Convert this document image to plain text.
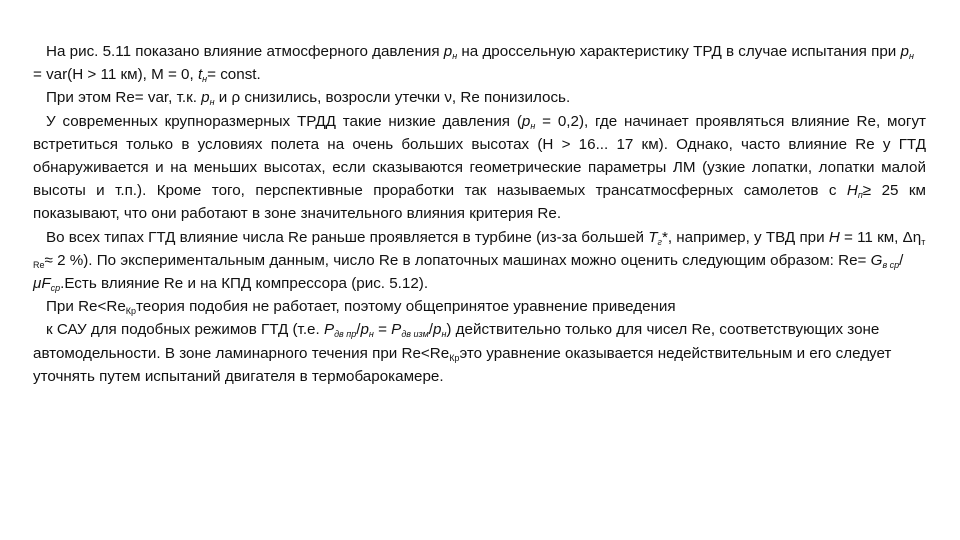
На рис. 5.11 показано влияние атмосферного давления $p_н$ на дроссельную характеристику ТРД в случае испытания при $p_н = var(H > 11$ км), M = 0, $t_н=$ const.

При этом Re= var, т.к. $p_н$ и ρ снизились, возросли утечки ν, Re понизилось.

У современных крупноразмерных ТРДД такие низкие давления $(p_н = 0,2)$, где начинает проявляться влияние Re, могут встретиться только в условиях полета на очень больших высотах (H > 16... 17 км). Однако, часто влияние Re у ГТД обнаруживается и на меньших высотах, если сказываются геометрические параметры ЛМ (узкие лопатки, лопатки малой высоты и т.п.). Кроме того, перспективные проработки так называемых трансатмосферных самолетов с $H_п\ge 25$ км показывают, что они работают в зоне значительного влияния критерия Re.

Во всех типах ГТД влияние числа Re раньше проявляется в турбине (из-за большей $T_г*$, например, у ТВД при H = 11 км, $\Delta\eta_{т Re}\approx 2$ %). По экспериментальным данным, число Re в лопаточных машинах можно оценить следующим образом: $Re= G_{в ср}/\mu F_{ср}.Есть$ влияние Re и на КПД компрессора (рис. 5.12).

При $Re<Re_{Кр}теория$ подобия не работает, поэтому общепринятое уравнение приведения

к САУ для подобных режимов ГТД (т.е. $P_{дв пр}/p_н = P_{дв изм}/p_н$) действительно только для чисел Re, соответствующих зоне автомодельности. В зоне ламинарного течения при $Re<Re_{Кр}это$ уравнение оказывается недействительным и его следует уточнять путем испытаний двигателя в термобарокамере.
